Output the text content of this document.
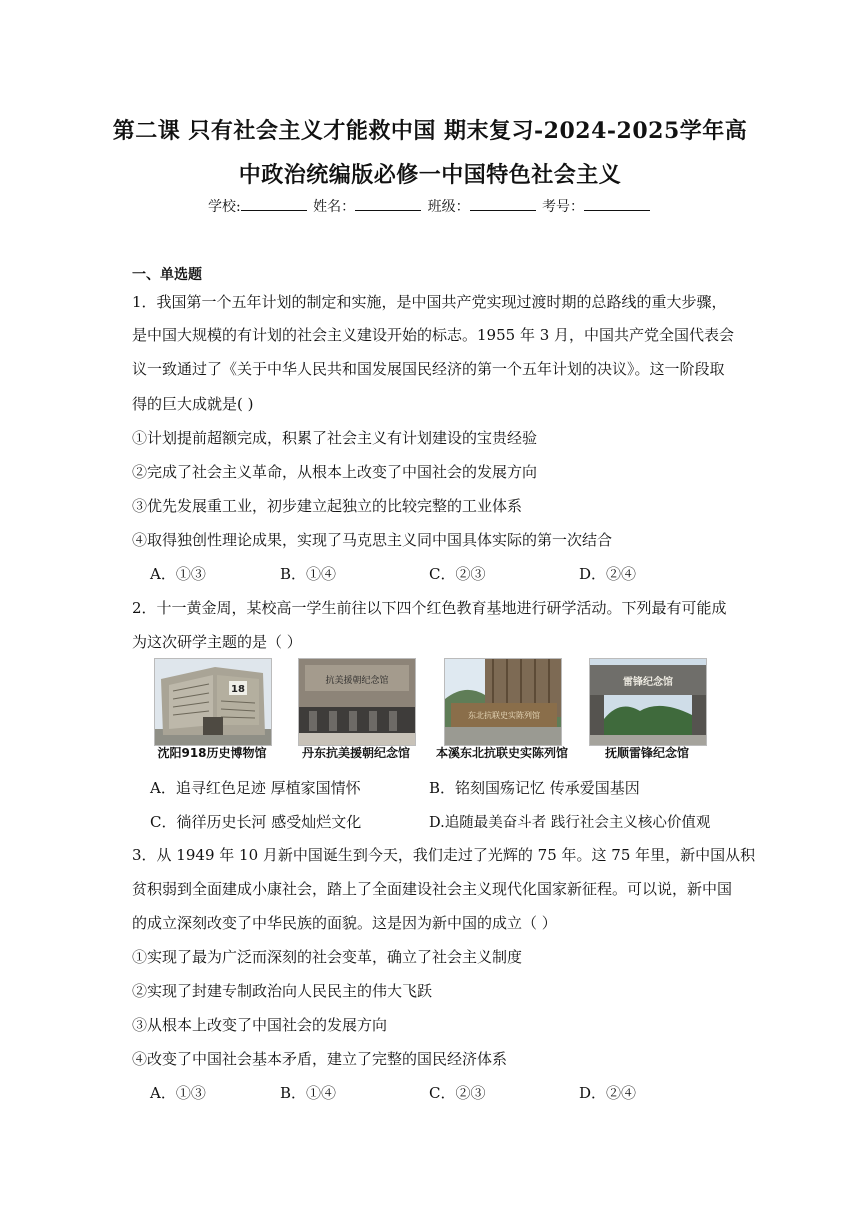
第二课 只有社会主义才能救中国 期末复习-2024-2025学年高
中政治统编版必修一中国特色社会主义
学校:	姓名：	班级：	考号：
一、单选题
1．我国第一个五年计划的制定和实施，是中国共产党实现过渡时期的总路线的重大步骤，
是中国大规模的有计划的社会主义建设开始的标志。1955 年 3 月，中国共产党全国代表会
议一致通过了《关于中华人民共和国发展国民经济的第一个五年计划的决议》。这一阶段取
得的巨大成就是( )
①计划提前超额完成，积累了社会主义有计划建设的宝贵经验
②完成了社会主义革命，从根本上改变了中国社会的发展方向
③优先发展重工业，初步建立起独立的比较完整的工业体系
④取得独创性理论成果，实现了马克思主义同中国具体实际的第一次结合
A．①③	B．①④	C．②③	D．②④
2．十一黄金周，某校高一学生前往以下四个红色教育基地进行研学活动。下列最有可能成
为这次研学主题的是（ ）
18
沈阳918历史博物馆
抗美援朝纪念馆
丹东抗美援朝纪念馆
东北抗联史实陈列馆
本溪东北抗联史实陈列馆
雷锋纪念馆
抚顺雷锋纪念馆
A．追寻红色足迹 厚植家国情怀	B．铭刻国殇记忆 传承爱国基因
C．徜徉历史长河 感受灿烂文化	D.追随最美奋斗者 践行社会主义核心价值观
3．从 1949 年 10 月新中国诞生到今天，我们走过了光辉的 75 年。这 75 年里，新中国从积
贫积弱到全面建成小康社会，踏上了全面建设社会主义现代化国家新征程。可以说，新中国
的成立深刻改变了中华民族的面貌。这是因为新中国的成立（ ）
①实现了最为广泛而深刻的社会变革，确立了社会主义制度
②实现了封建专制政治向人民民主的伟大飞跃
③从根本上改变了中国社会的发展方向
④改变了中国社会基本矛盾，建立了完整的国民经济体系
A．①③	B．①④	C．②③	D．②④
